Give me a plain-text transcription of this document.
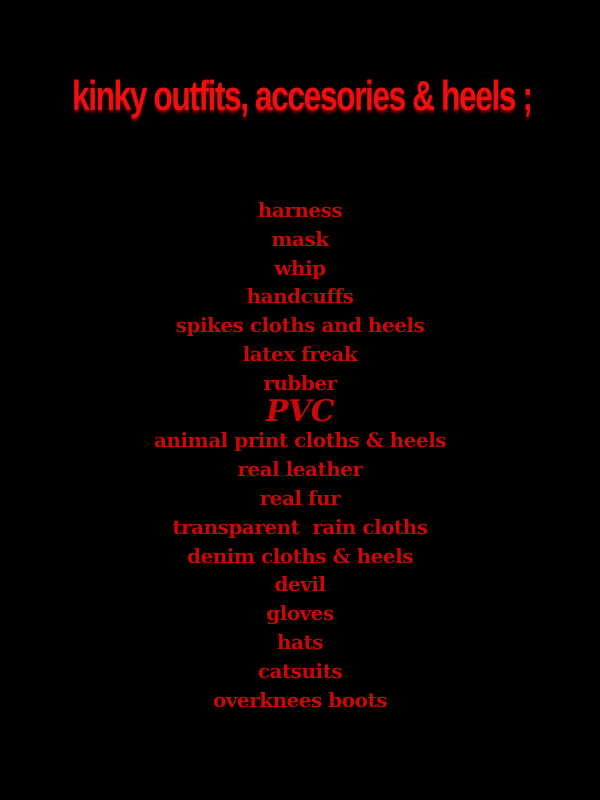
kinky outfits, accesories & heels ;
harness
mask
whip
handcuffs
spikes cloths and heels
latex freak
rubber
PVC
animal print cloths & heels
real leather
real fur
transparent  rain cloths
denim cloths & heels
devil
gloves
hats
catsuits
overknees boots
